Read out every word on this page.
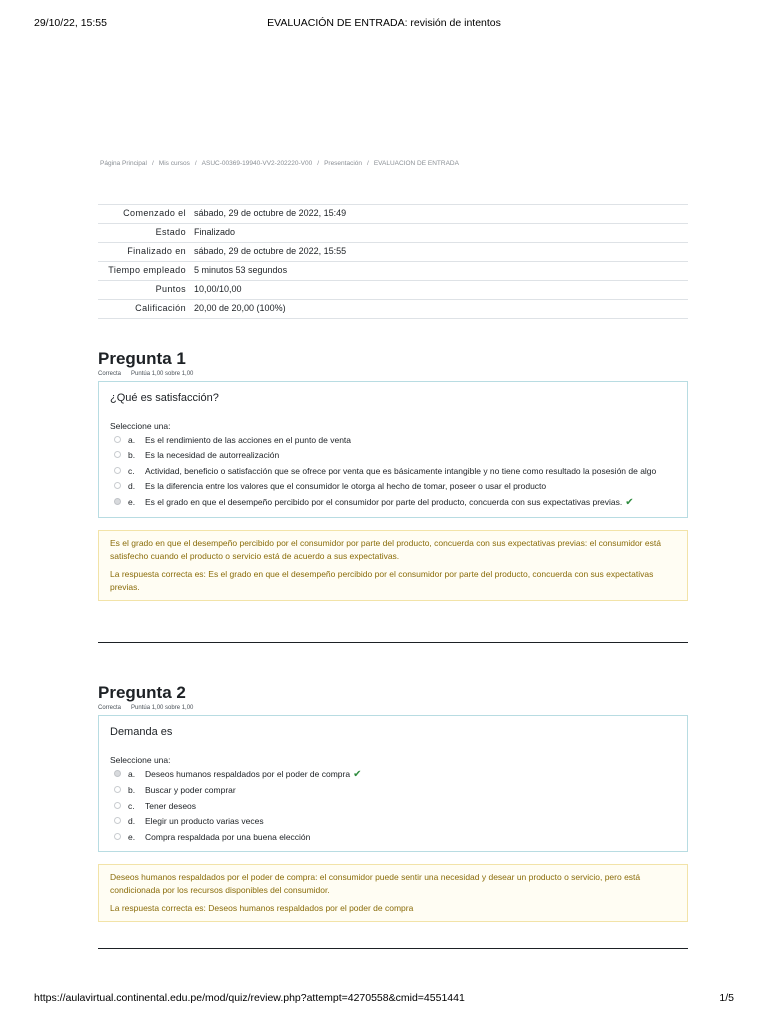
29/10/22, 15:55	EVALUACIÓN DE ENTRADA: revisión de intentos
Página Principal / Mis cursos / ASUC-00369-19940-VV2-202220-V00 / Presentación / EVALUACIÓN DE ENTRADA
Comenzado el	sábado, 29 de octubre de 2022, 15:49
Estado	Finalizado
Finalizado en	sábado, 29 de octubre de 2022, 15:55
Tiempo empleado	5 minutos 53 segundos
Puntos	10,00/10,00
Calificación	20,00 de 20,00 (100%)
Pregunta 1
Correcta Puntúa 1,00 sobre 1,00
¿Qué es satisfacción?
Seleccione una:
a.	Es el rendimiento de las acciones en el punto de venta
b.	Es la necesidad de autorrealización
c.	Actividad, beneficio o satisfacción que se ofrece por venta que es básicamente intangible y no tiene como resultado la posesión de algo
d.	Es la diferencia entre los valores que el consumidor le otorga al hecho de tomar, poseer o usar el producto
e.	Es el grado en que el desempeño percibido por el consumidor por parte del producto, concuerda con sus expectativas previas. ✔

Es el grado en que el desempeño percibido por el consumidor por parte del producto, concuerda con sus expectativas previas: el consumidor está satisfecho cuando el producto o servicio está de acuerdo a sus expectativas.

La respuesta correcta es: Es el grado en que el desempeño percibido por el consumidor por parte del producto, concuerda con sus expectativas previas.

Pregunta 2
Correcta Puntúa 1,00 sobre 1,00
Demanda es
Seleccione una:
a.	Deseos humanos respaldados por el poder de compra ✔
b.	Buscar y poder comprar
c.	Tener deseos
d.	Elegir un producto varias veces
e.	Compra respaldada por una buena elección

Deseos humanos respaldados por el poder de compra: el consumidor puede sentir una necesidad y desear un producto o servicio, pero está condicionada por los recursos disponibles del consumidor.

La respuesta correcta es: Deseos humanos respaldados por el poder de compra

https://aulavirtual.continental.edu.pe/mod/quiz/review.php?attempt=4270558&cmid=4551441	1/5
